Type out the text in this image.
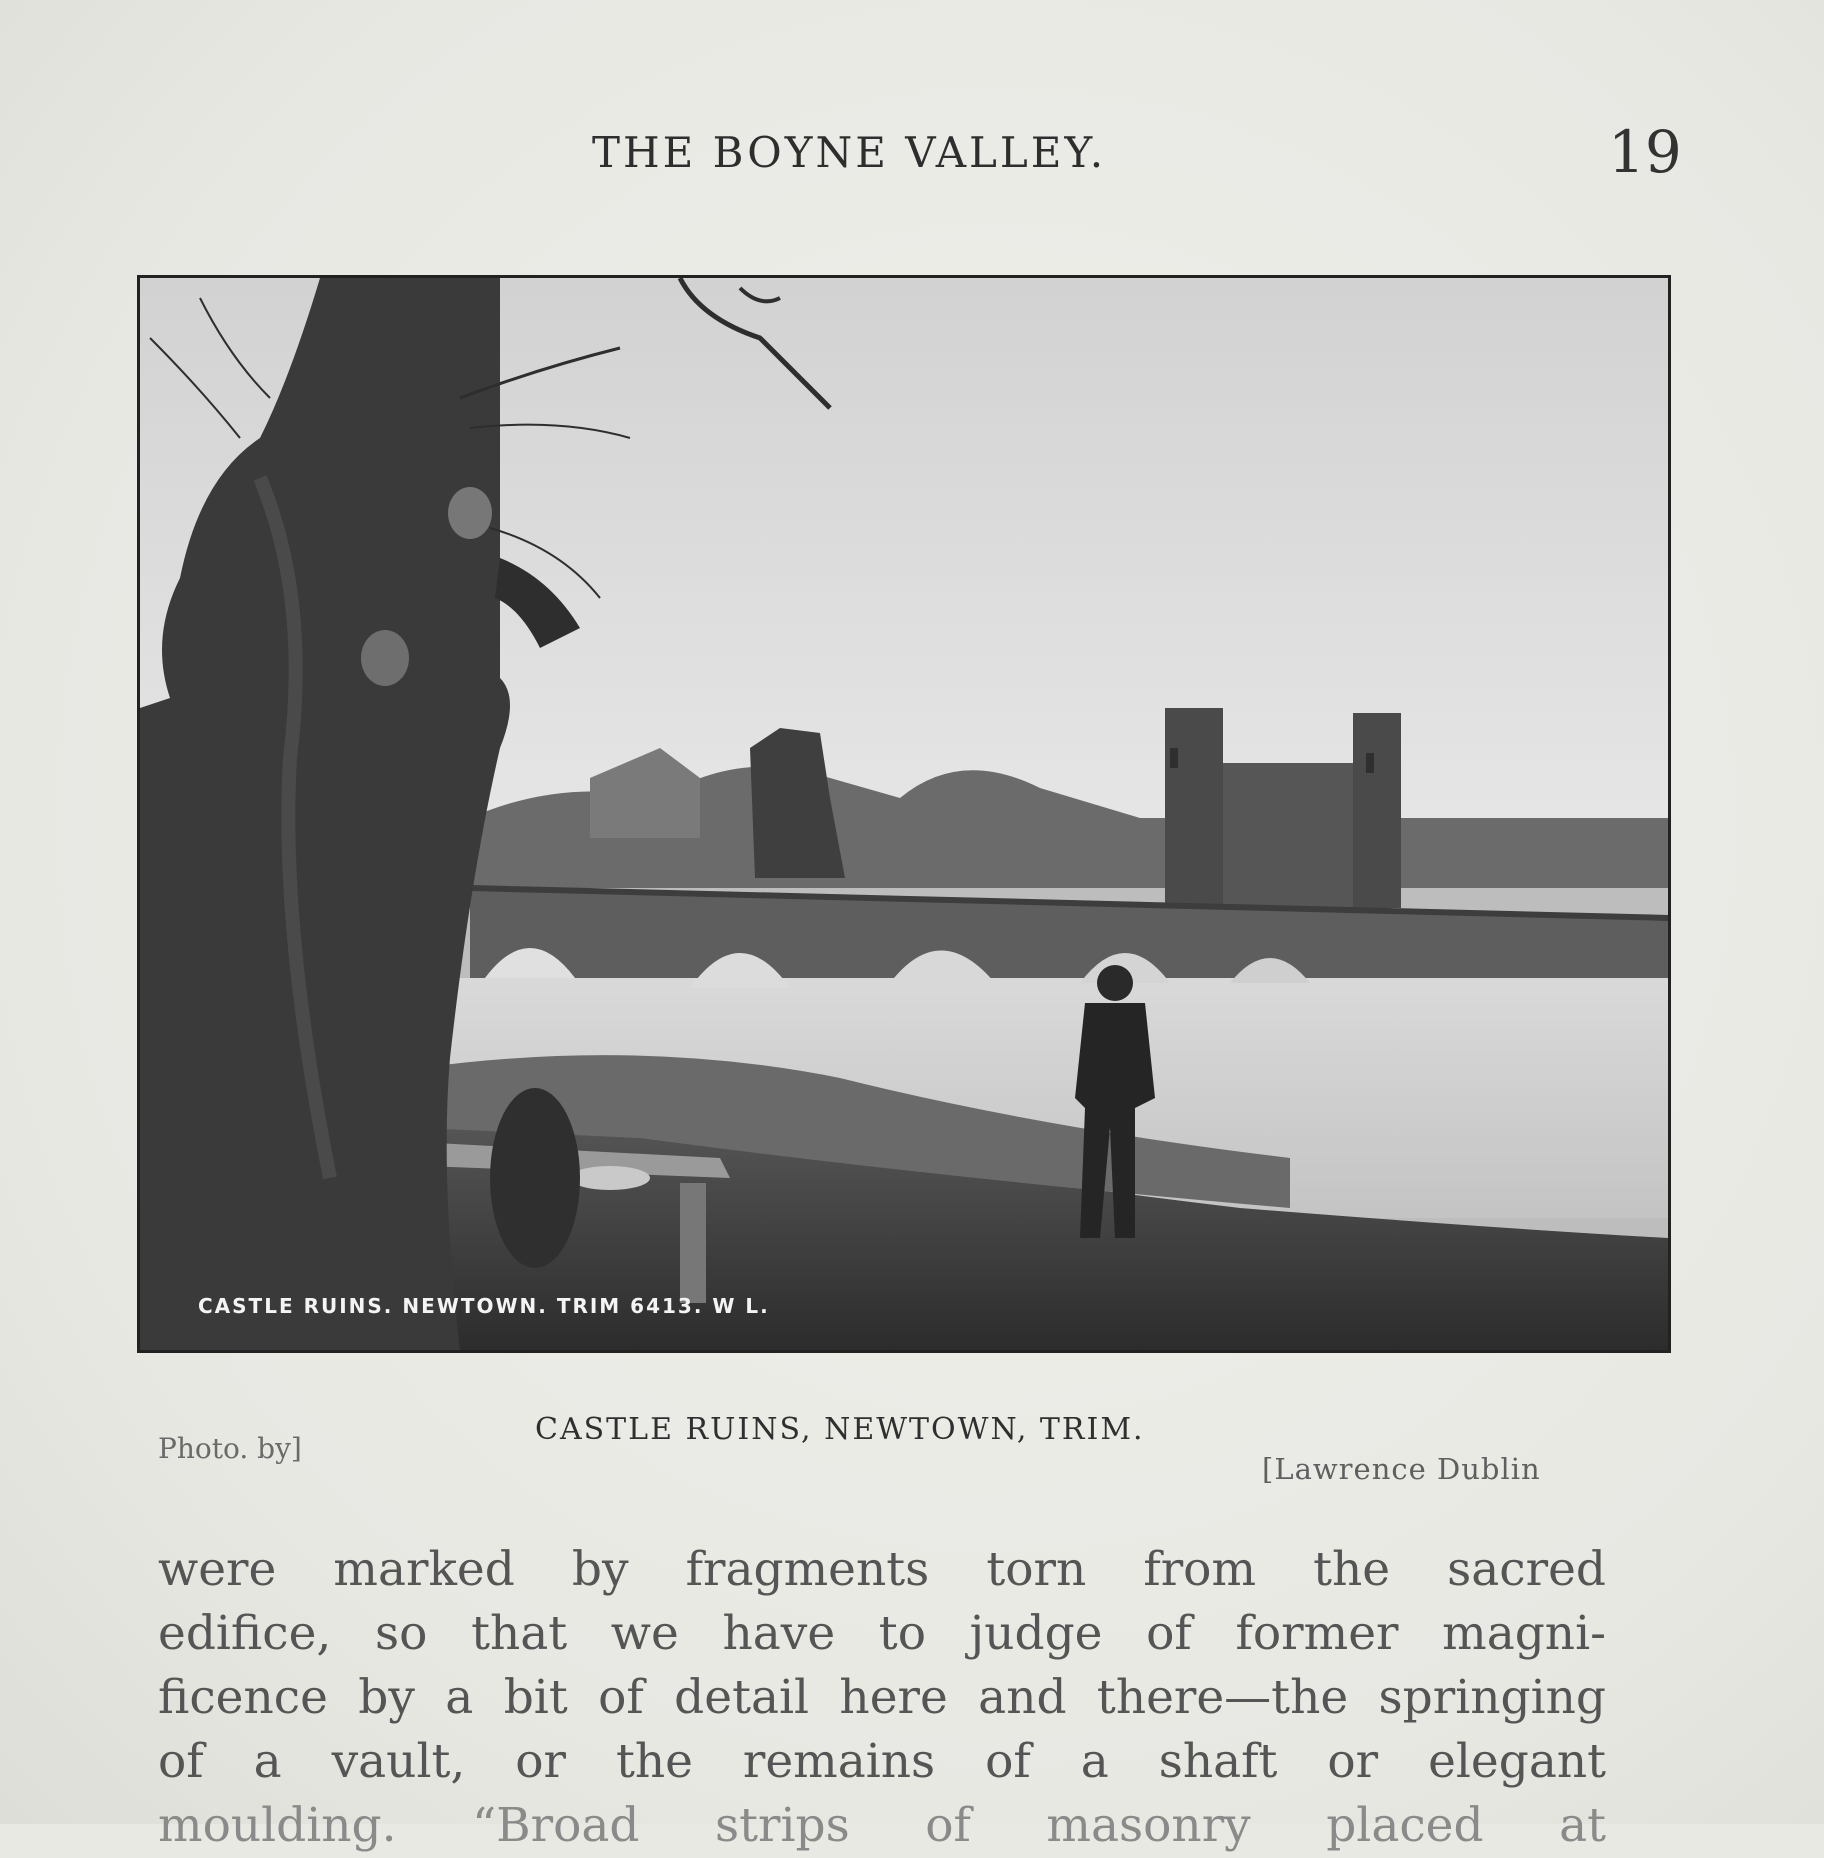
THE BOYNE VALLEY.	19
CASTLE RUINS. NEWTOWN. TRIM 6413. W L.
CASTLE RUINS, NEWTOWN, TRIM.
Photo. by]
[Lawrence Dublin
were marked by fragments torn from the sacred
edifice, so that we have to judge of former magni-
ficence by a bit of detail here and there—the springing
of a vault, or the remains of a shaft or elegant
moulding. “Broad strips of masonry placed at
